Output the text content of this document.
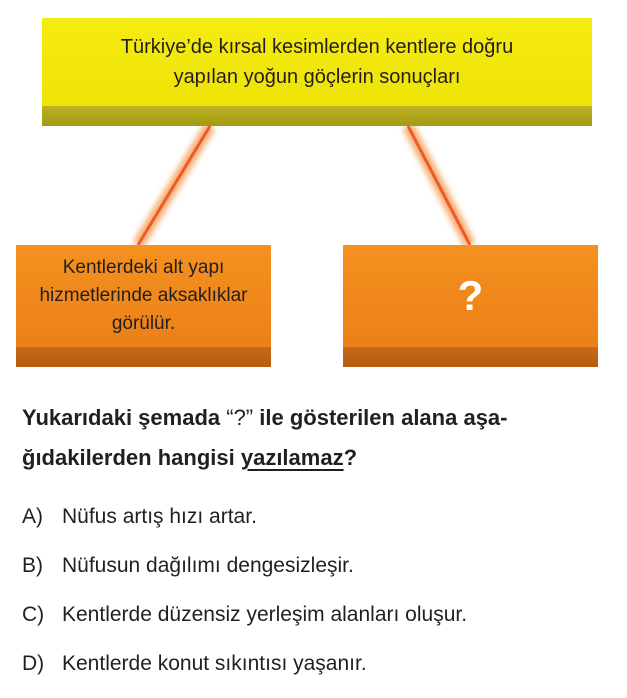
Türkiye’de kırsal kesimlerden kentlere doğru
yapılan yoğun göçlerin sonuçları
Kentlerdeki alt yapı
hizmetlerinde aksaklıklar
görülür.
?
Yukarıdaki şemada “?” ile gösterilen alana aşa-
ğıdakilerden hangisi yazılamaz?
A) Nüfus artış hızı artar.
B) Nüfusun dağılımı dengesizleşir.
C) Kentlerde düzensiz yerleşim alanları oluşur.
D) Kentlerde konut sıkıntısı yaşanır.
